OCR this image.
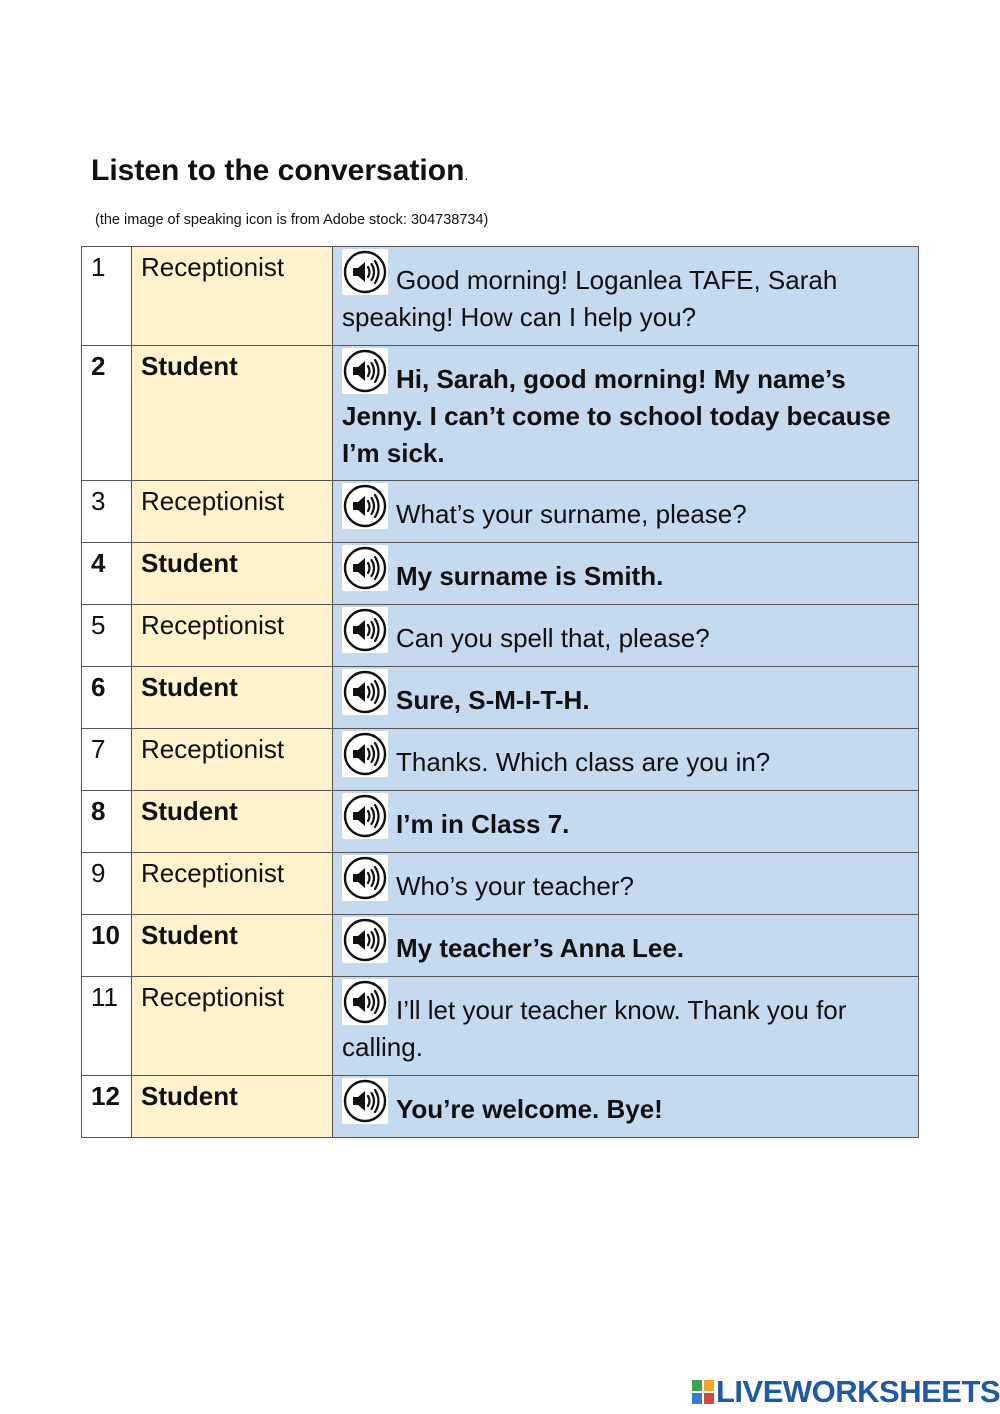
Listen to the conversation.
(the image of speaking icon is from Adobe stock: 304738734)
1	Receptionist	Good morning! Loganlea TAFE, Sarah speaking! How can I help you?
2	Student	Hi, Sarah, good morning! My name’s Jenny. I can’t come to school today because I’m sick.
3	Receptionist	What’s your surname, please?
4	Student	My surname is Smith.
5	Receptionist	Can you spell that, please?
6	Student	Sure, S-M-I-T-H.
7	Receptionist	Thanks. Which class are you in?
8	Student	I’m in Class 7.
9	Receptionist	Who’s your teacher?
10	Student	My teacher’s Anna Lee.
11	Receptionist	I’ll let your teacher know. Thank you for calling.
12	Student	You’re welcome. Bye!
LIVEWORKSHEETS
